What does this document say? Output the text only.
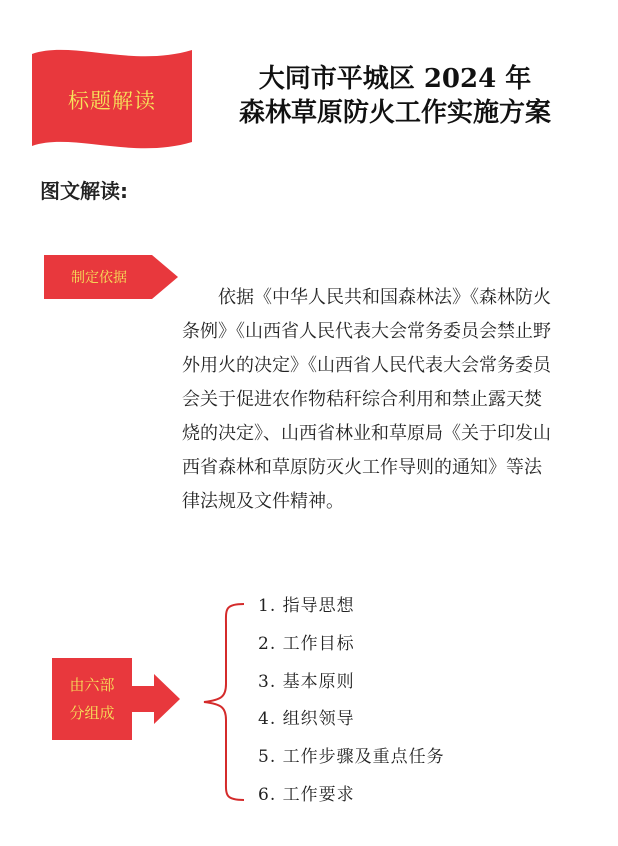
标题解读
大同市平城区 2024 年
森林草原防火工作实施方案
图文解读:
制定依据
依据《中华人民共和国森林法》《森林防火
条例》《山西省人民代表大会常务委员会禁止野
外用火的决定》《山西省人民代表大会常务委员
会关于促进农作物秸秆综合利用和禁止露天焚
烧的决定》、山西省林业和草原局《关于印发山
西省森林和草原防灭火工作导则的通知》等法
律法规及文件精神。
由六部
分组成
1. 指导思想
2. 工作目标
3. 基本原则
4. 组织领导
5. 工作步骤及重点任务
6. 工作要求
